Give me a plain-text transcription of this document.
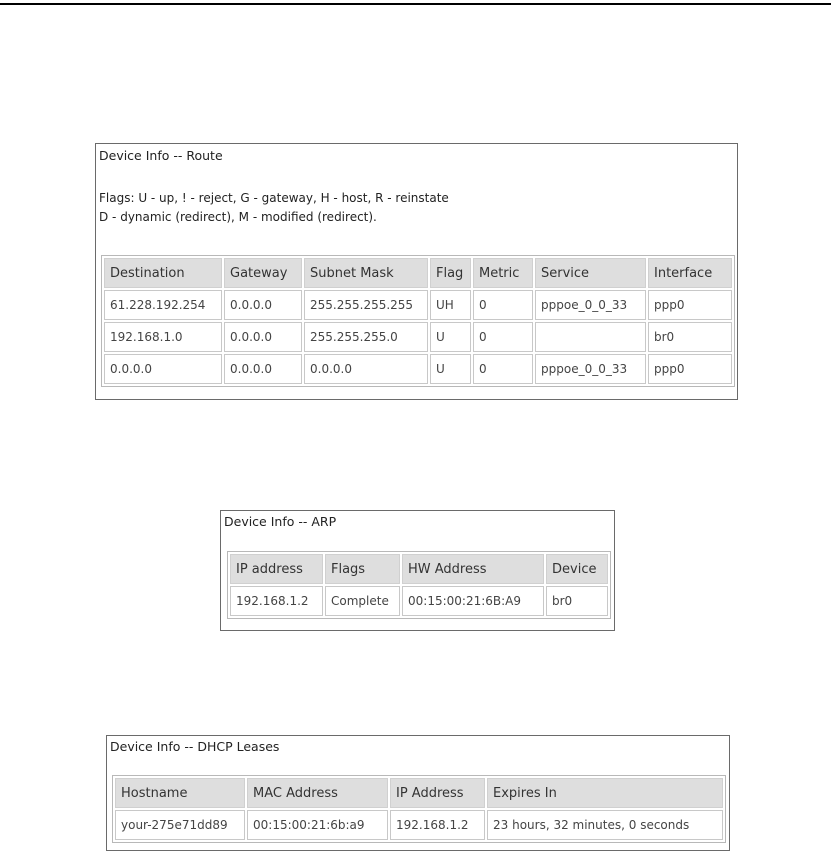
Device Info -- Route
Flags: U - up, ! - reject, G - gateway, H - host, R - reinstate
D - dynamic (redirect), M - modified (redirect).
Destination	Gateway	Subnet Mask	Flag	Metric	Service	Interface
61.228.192.254	0.0.0.0	255.255.255.255	UH	0	pppoe_0_0_33	ppp0
192.168.1.0	0.0.0.0	255.255.255.0	U	0		br0
0.0.0.0	0.0.0.0	0.0.0.0	U	0	pppoe_0_0_33	ppp0
Device Info -- ARP
IP address	Flags	HW Address	Device
192.168.1.2	Complete	00:15:00:21:6B:A9	br0
Device Info -- DHCP Leases
Hostname	MAC Address	IP Address	Expires In
your-275e71dd89	00:15:00:21:6b:a9	192.168.1.2	23 hours, 32 minutes, 0 seconds
